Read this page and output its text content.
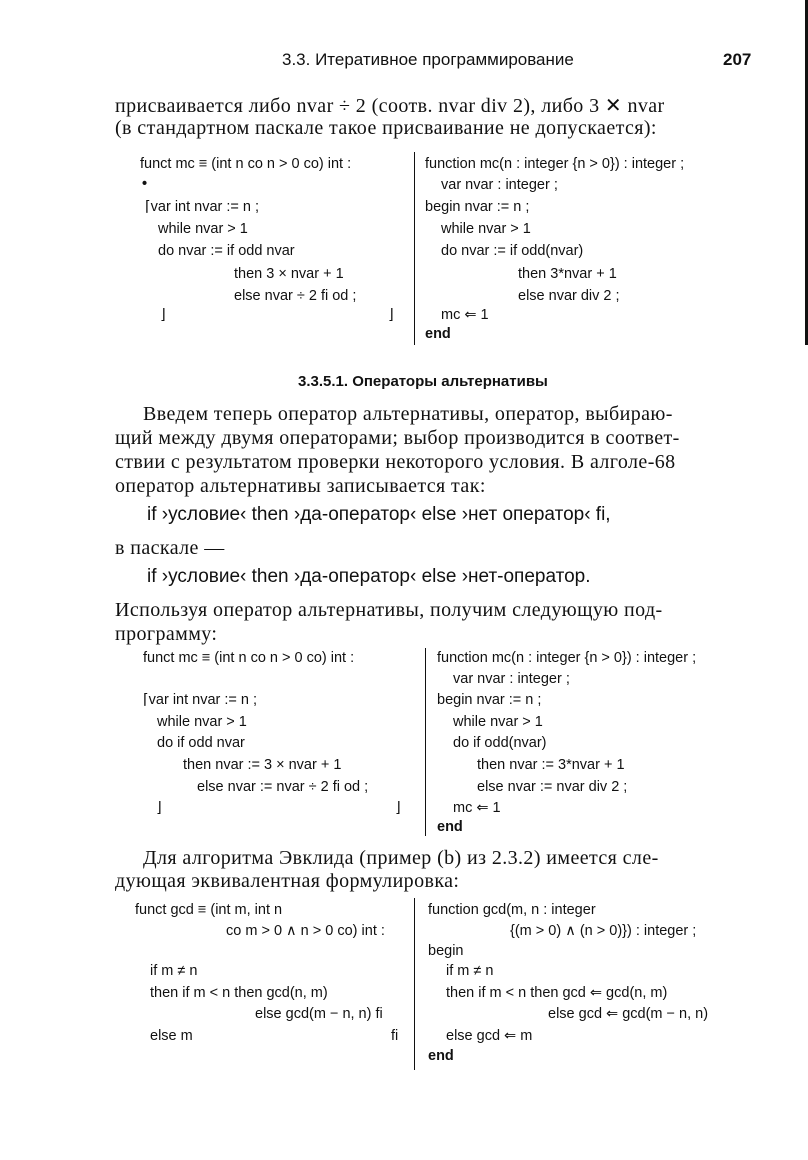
3.3. Итеративное программирование	207
присваивается либо nvar ÷ 2 (соотв. nvar div 2), либо 3 ✕ nvar
(в стандартном паскале такое присваивание не допускается):
funct mc ≡ (int n co n > 0 co) int :
•
⌈var int nvar := n ;
while nvar > 1
do nvar := if odd nvar
then 3 × nvar + 1
else nvar ÷ 2 fi od ;
⌋	⌋
function mc(n : integer {n > 0}) : integer ;
var nvar : integer ;
begin nvar := n ;
while nvar > 1
do nvar := if odd(nvar)
then 3*nvar + 1
else nvar div 2 ;
mc ⇐ 1
end
3.3.5.1. Операторы альтернативы
Введем теперь оператор альтернативы, оператор, выбираю-
щий между двумя операторами; выбор производится в соответ-
ствии с результатом проверки некоторого условия. В алголе-68
оператор альтернативы записывается так:
if ›условие‹ then ›да-оператор‹ else ›нет оператор‹ fi,
в паскале —
if ›условие‹ then ›да-оператор‹ else ›нет-оператор.
Используя оператор альтернативы, получим следующую под-
программу:
funct mc ≡ (int n co n > 0 co) int :
⌈var int nvar := n ;
while nvar > 1
do if odd nvar
then nvar := 3 × nvar + 1
else nvar := nvar ÷ 2 fi od ;
⌋	⌋
function mc(n : integer {n > 0}) : integer ;
var nvar : integer ;
begin nvar := n ;
while nvar > 1
do if odd(nvar)
then nvar := 3*nvar + 1
else nvar := nvar div 2 ;
mc ⇐ 1
end
Для алгоритма Эвклида (пример (b) из 2.3.2) имеется сле-
дующая эквивалентная формулировка:
funct gcd ≡ (int m, int n
co m > 0 ∧ n > 0 co) int :
if m ≠ n
then if m < n then gcd(n, m)
else gcd(m − n, n) fi
else m	fi
function gcd(m, n : integer
{(m > 0) ∧ (n > 0)}) : integer ;
begin
if m ≠ n
then if m < n then gcd ⇐ gcd(n, m)
else gcd ⇐ gcd(m − n, n)
else gcd ⇐ m
end
